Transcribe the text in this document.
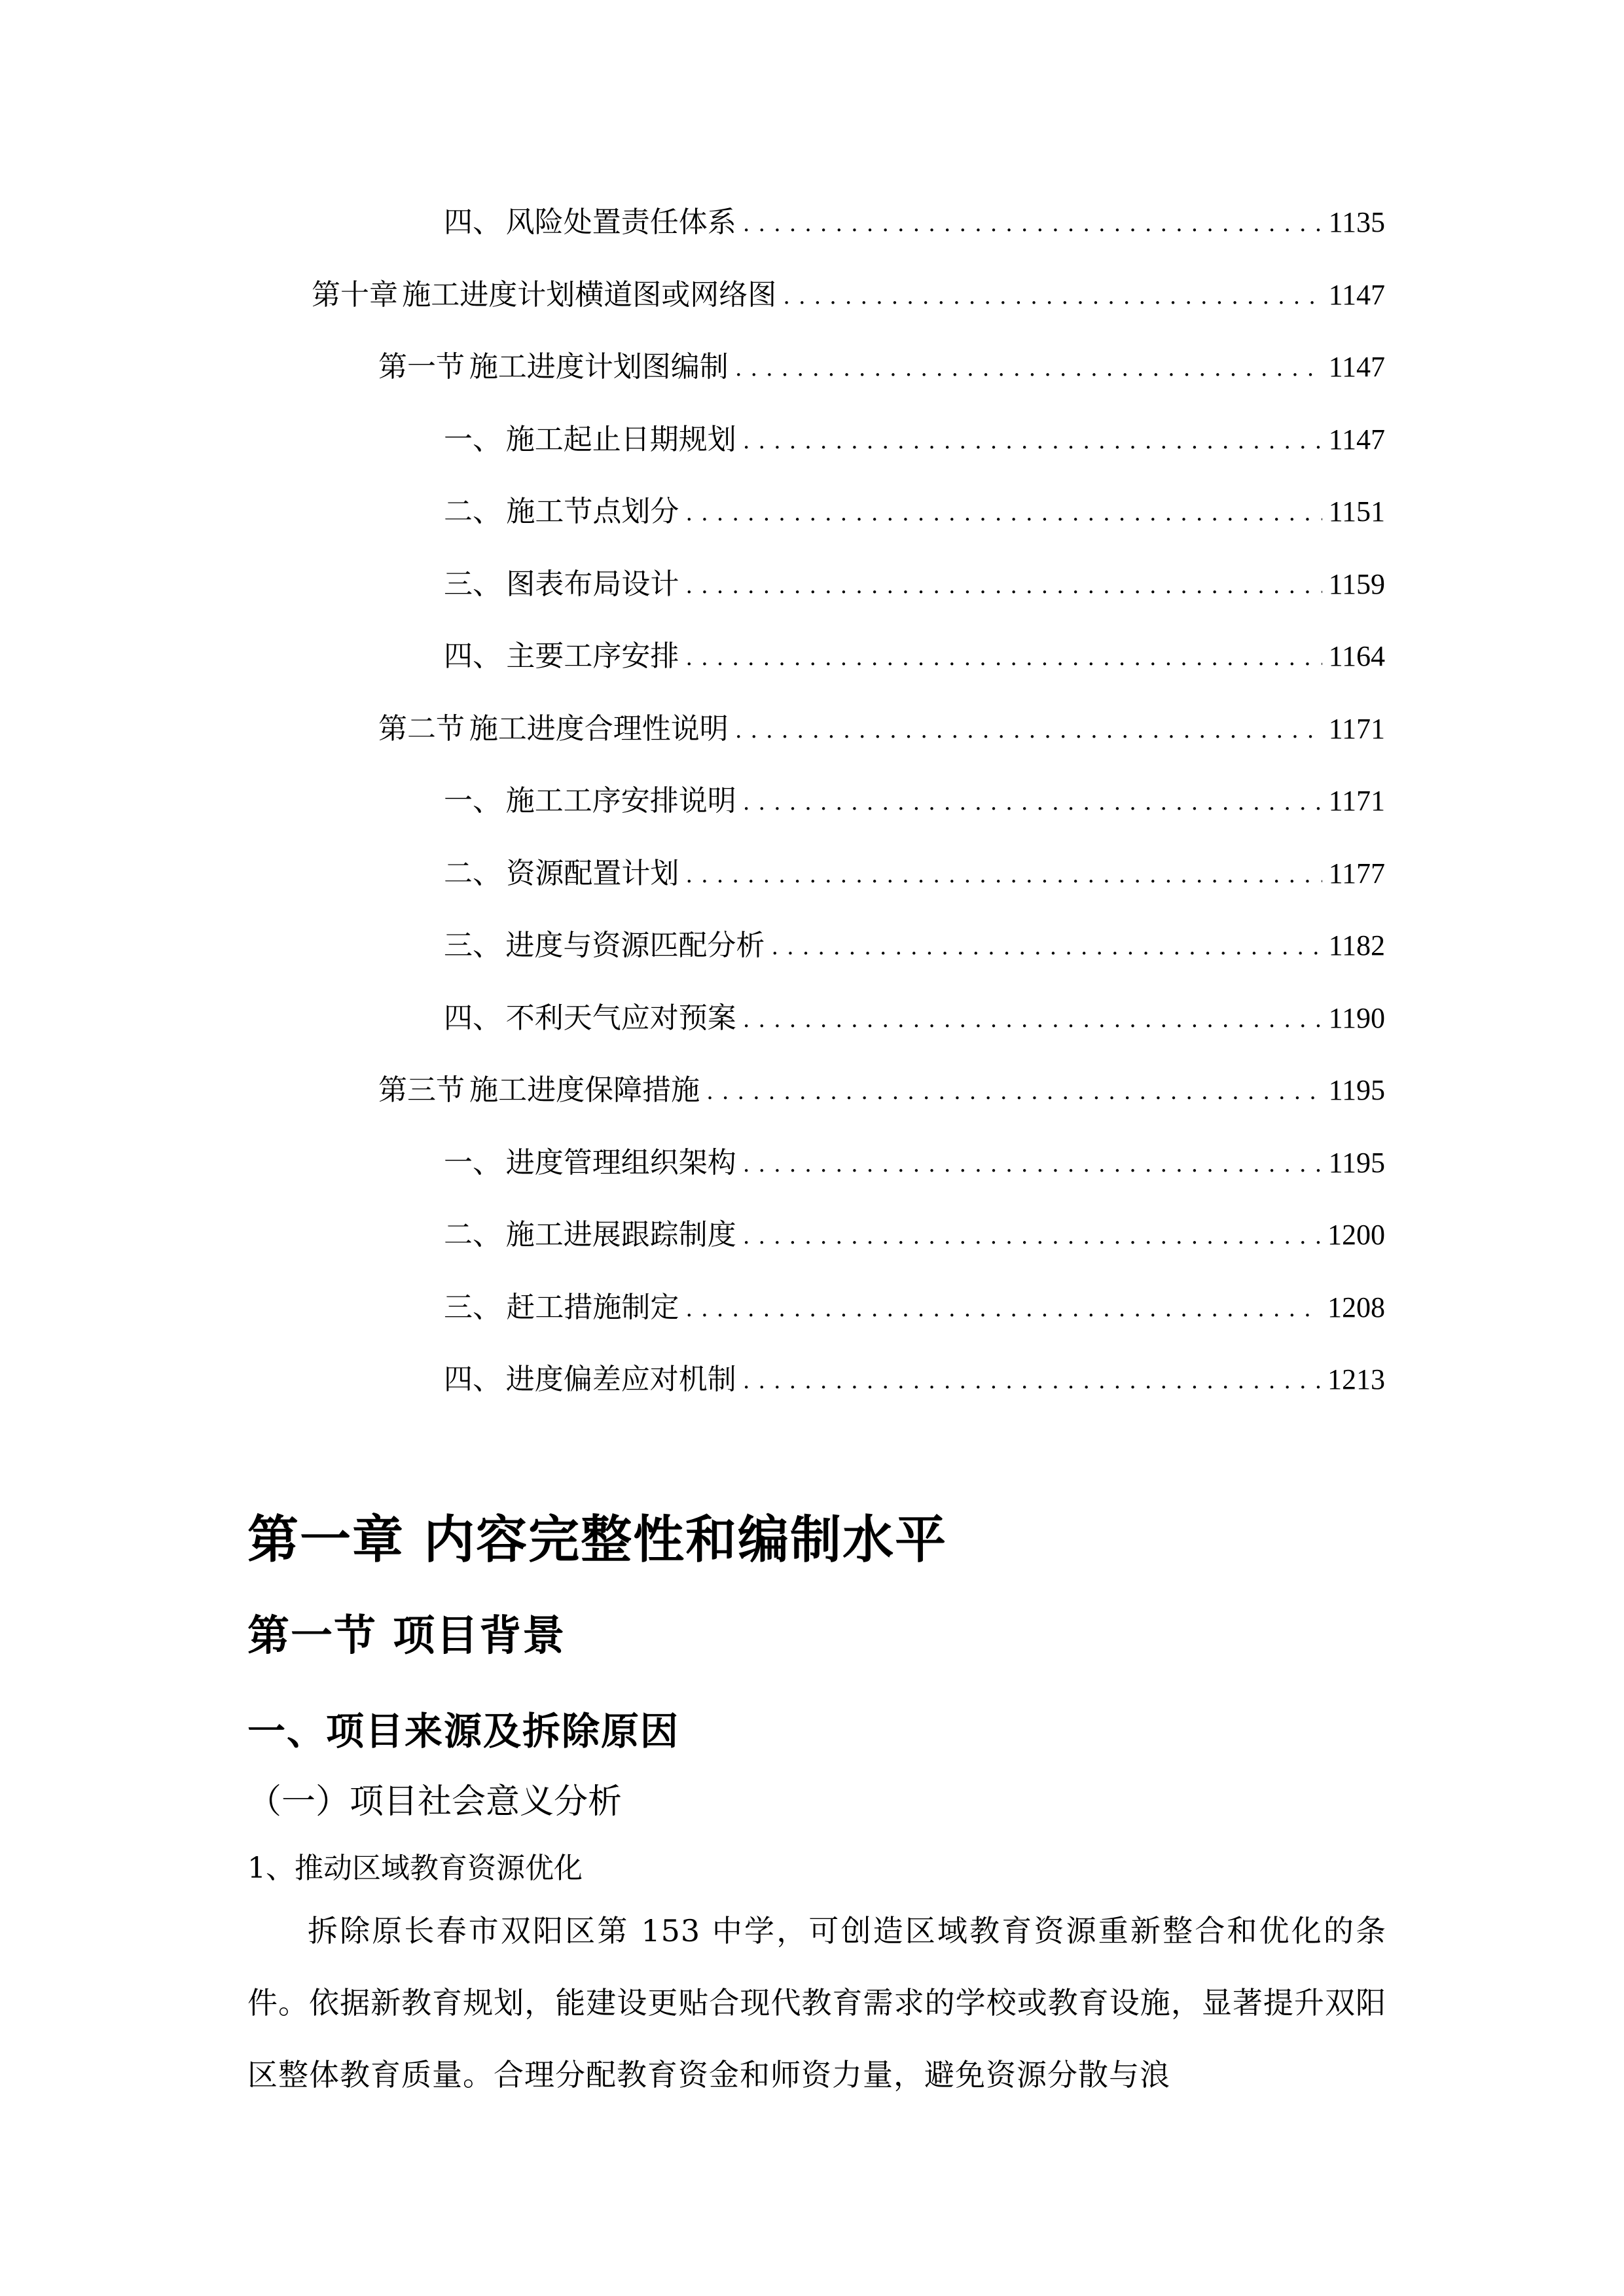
四、 风险处置责任体系 . . .	1135
第十章 施工进度计划横道图或网络图 . . .	1147
第一节 施工进度计划图编制 . . .	1147
一、 施工起止日期规划 . . .	1147
二、 施工节点划分 . . .	1151
三、 图表布局设计 . . .	1159
四、 主要工序安排 . . .	1164
第二节 施工进度合理性说明 . . .	1171
一、 施工工序安排说明 . . .	1171
二、 资源配置计划 . . .	1177
三、 进度与资源匹配分析 . . .	1182
四、 不利天气应对预案 . . .	1190
第三节 施工进度保障措施 . . .	1195
一、 进度管理组织架构 . . .	1195
二、 施工进展跟踪制度 . . .	1200
三、 赶工措施制定 . . .	1208
四、 进度偏差应对机制 . . .	1213
第一章 内容完整性和编制水平
第一节 项目背景
一、项目来源及拆除原因
（一）项目社会意义分析
1、推动区域教育资源优化
拆除原长春市双阳区第 153 中学，可创造区域教育资源重新整合和优化的条件。依据新教育规划，能建设更贴合现代教育需求的学校或教育设施，显著提升双阳区整体教育质量。合理分配教育资金和师资力量，避免资源分散与浪
